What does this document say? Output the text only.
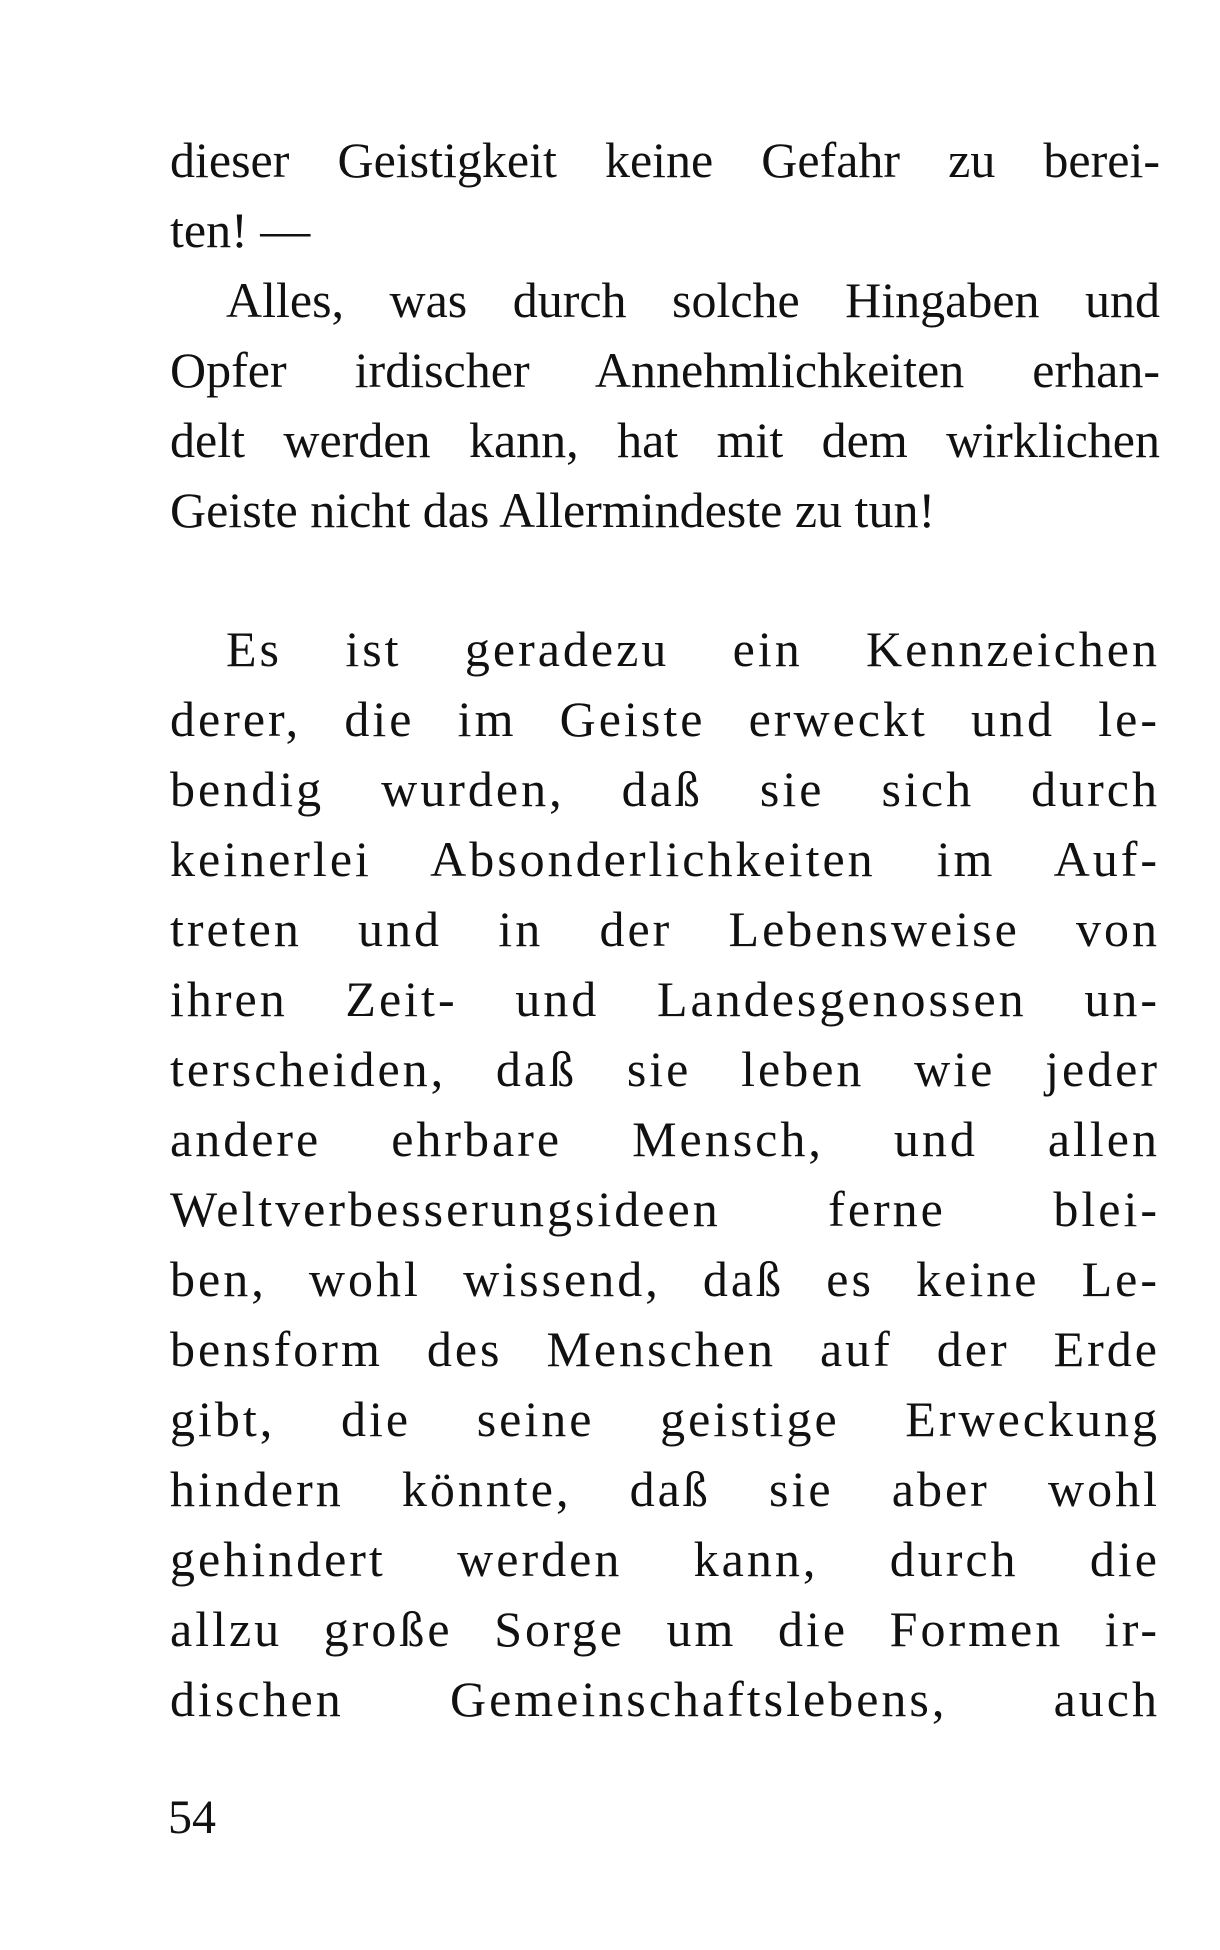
dieser Geistigkeit keine Gefahr zu berei-
ten! —
Alles, was durch solche Hingaben und
Opfer irdischer Annehmlichkeiten erhan-
delt werden kann, hat mit dem wirklichen
Geiste nicht das Allermindeste zu tun!
Es ist geradezu ein Kennzeichen
derer, die im Geiste erweckt und le-
bendig wurden, daß sie sich durch
keinerlei Absonderlichkeiten im Auf-
treten und in der Lebensweise von
ihren Zeit- und Landesgenossen un-
terscheiden, daß sie leben wie jeder
andere ehrbare Mensch, und allen
Weltverbesserungsideen ferne blei-
ben, wohl wissend, daß es keine Le-
bensform des Menschen auf der Erde
gibt, die seine geistige Erweckung
hindern könnte, daß sie aber wohl
gehindert werden kann, durch die
allzu große Sorge um die Formen ir-
dischen Gemeinschaftslebens, auch
54
